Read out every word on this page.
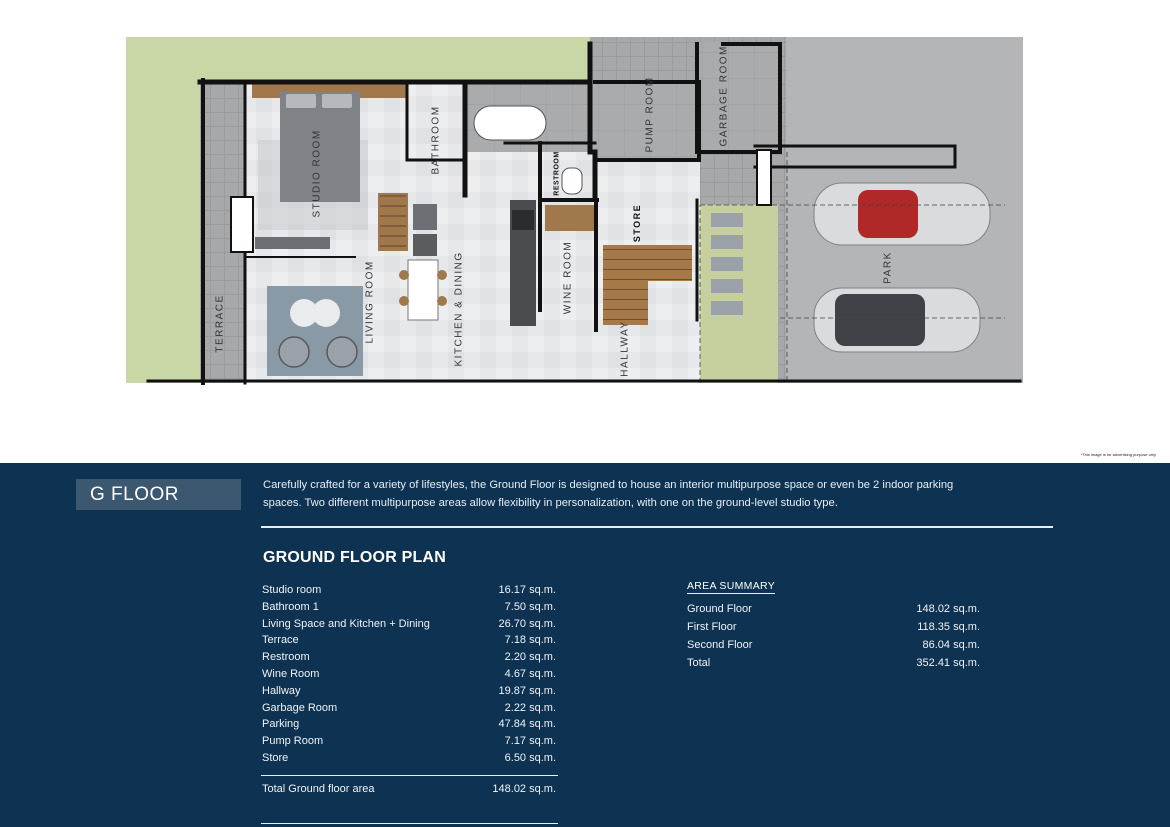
TERRACE
STUDIO ROOM	BATHROOM	RESTROOM
PUMP ROOM	GARBAGE ROOM
STORE
LIVING ROOM	KITCHEN & DINING	WINE ROOM
HALLWAY
PARK
*This image is for advertising purpose only
G FLOOR	Carefully crafted for a variety of lifestyles, the Ground Floor is designed to house an interior multipurpose space or even be 2 indoor parking spaces. Two different multipurpose areas allow flexibility in personalization, with one on the ground-level studio type.

GROUND FLOOR PLAN
Studio room	16.17 sq.m.
Bathroom 1	7.50 sq.m.
Living Space and Kitchen + Dining	26.70 sq.m.
Terrace	7.18 sq.m.
Restroom	2.20 sq.m.
Wine Room	4.67 sq.m.
Hallway	19.87 sq.m.
Garbage Room	2.22 sq.m.
Parking	47.84 sq.m.
Pump Room	7.17 sq.m.
Store	6.50 sq.m.
Total Ground floor area	148.02 sq.m.
AREA SUMMARY
Ground Floor	148.02 sq.m.
First Floor	118.35 sq.m.
Second Floor	86.04 sq.m.
Total	352.41 sq.m.
